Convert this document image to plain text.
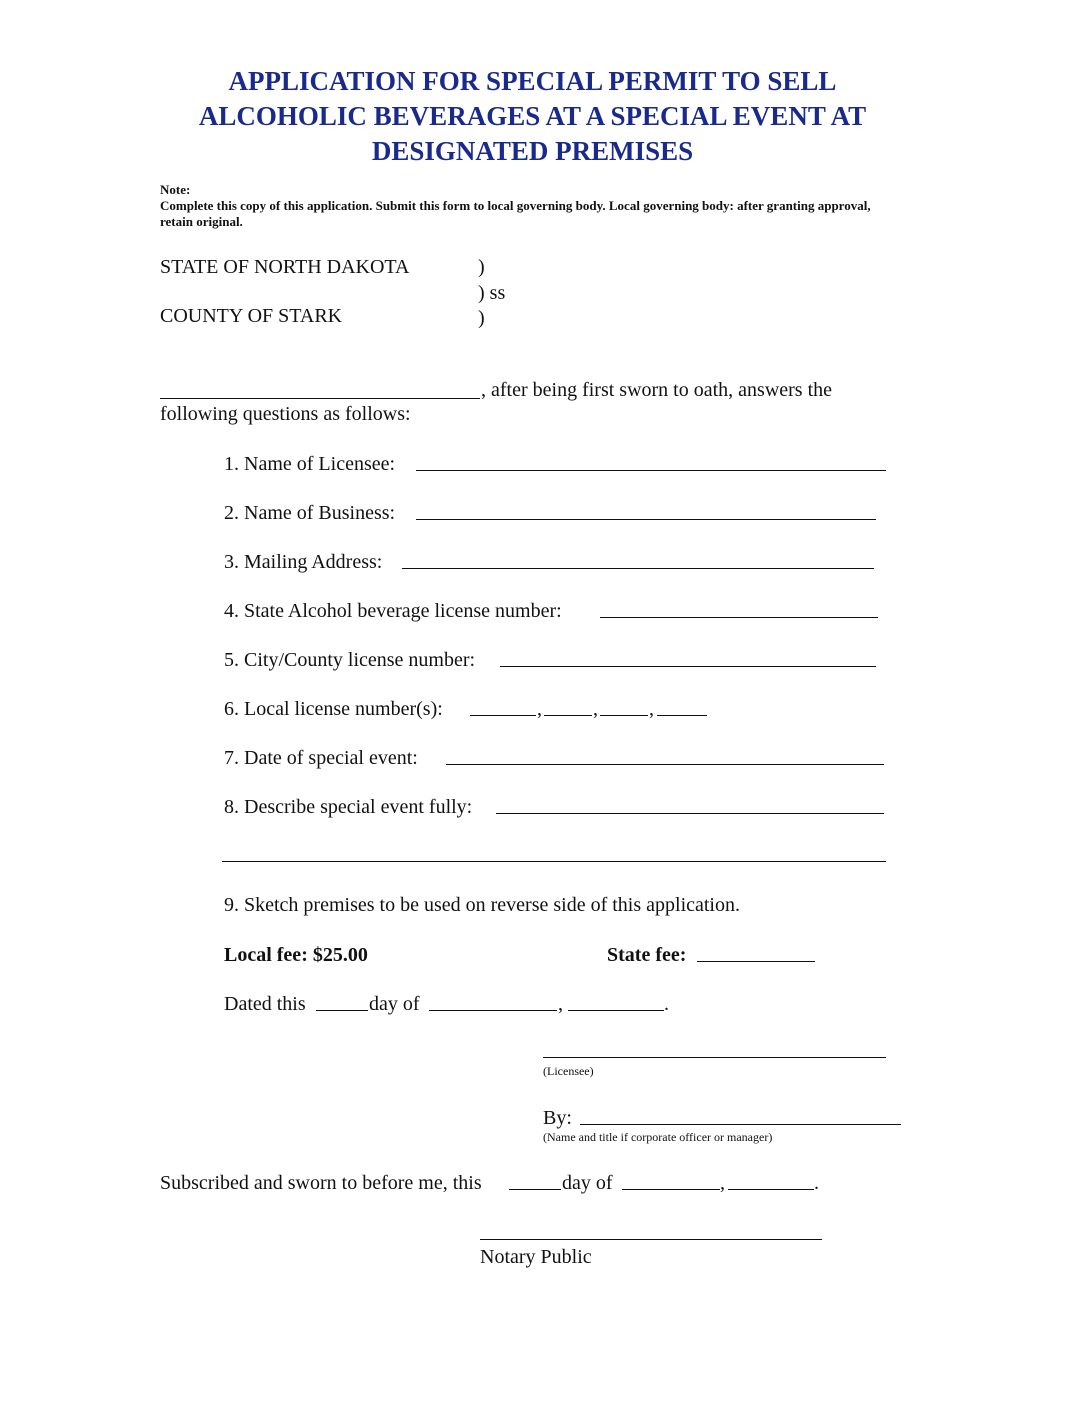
APPLICATION FOR SPECIAL PERMIT TO SELL
ALCOHOLIC BEVERAGES AT A SPECIAL EVENT AT
DESIGNATED PREMISES
Note:
Complete this copy of this application. Submit this form to local governing body. Local governing body: after granting approval, retain original.
STATE OF NORTH DAKOTA	)
) ss
COUNTY OF STARK	)
, after being first sworn to oath, answers the
following questions as follows:
1. Name of Licensee:
2. Name of Business:
3. Mailing Address:
4. State Alcohol beverage license number:
5. City/County license number:
6. Local license number(s):	,	,	,
7. Date of special event:
8. Describe special event fully:
9. Sketch premises to be used on reverse side of this application.
Local fee: $25.00	State fee:
Dated this	day of	,	.
(Licensee)
By:
(Name and title if corporate officer or manager)
Subscribed and sworn to before me, this	day of	,	.
Notary Public
